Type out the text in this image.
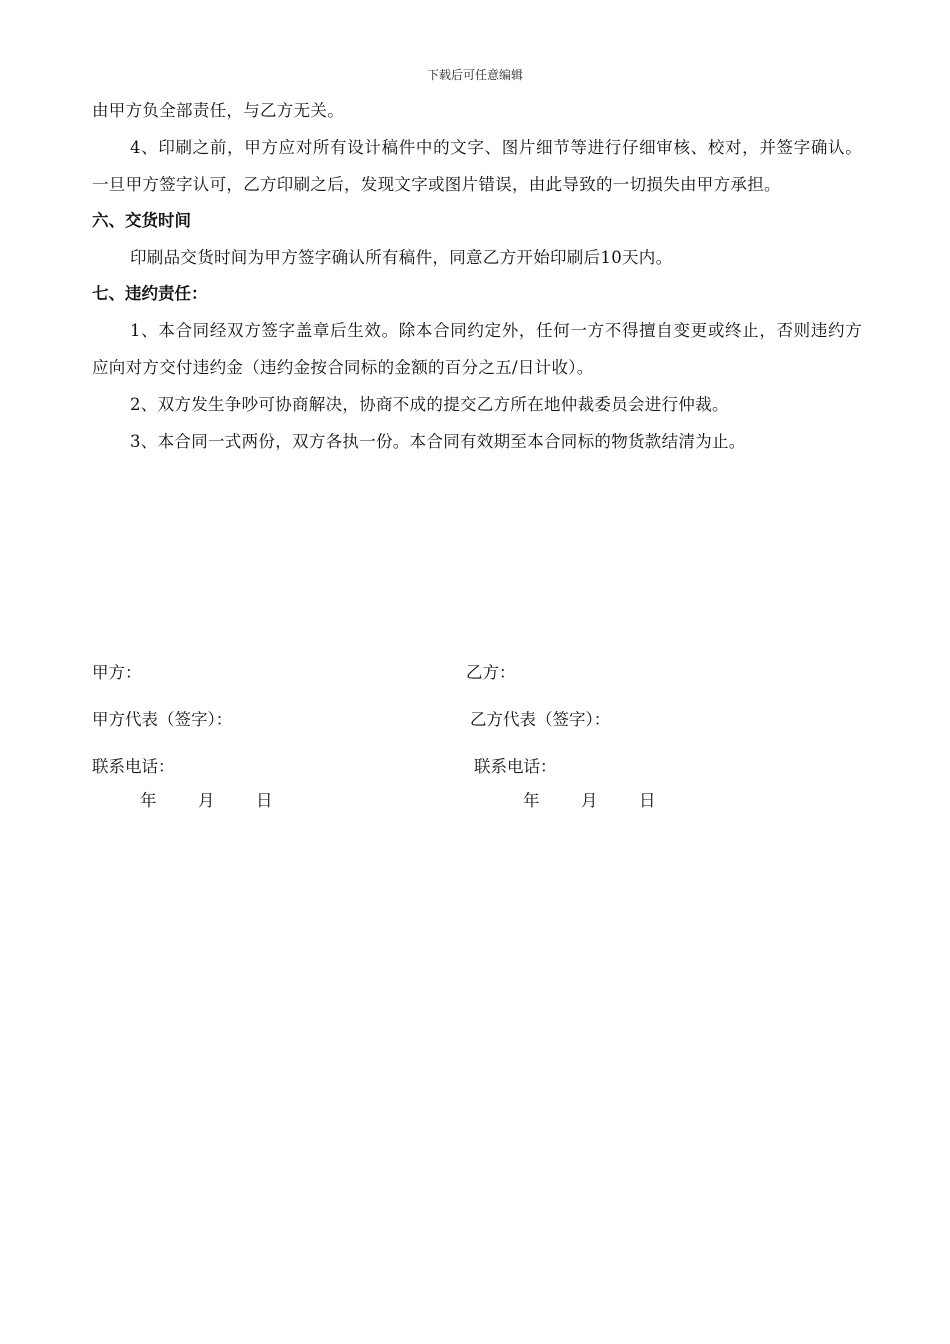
下载后可任意编辑

由甲方负全部责任，与乙方无关。

4、印刷之前，甲方应对所有设计稿件中的文字、图片细节等进行仔细审核、校对，并签字确认。一旦甲方签字认可，乙方印刷之后，发现文字或图片错误，由此导致的一切损失由甲方承担。

六、交货时间

印刷品交货时间为甲方签字确认所有稿件，同意乙方开始印刷后10天内。

七、违约责任：

1、本合同经双方签字盖章后生效。除本合同约定外，任何一方不得擅自变更或终止，否则违约方应向对方交付违约金（违约金按合同标的金额的百分之五/日计收）。

2、双方发生争吵可协商解决，协商不成的提交乙方所在地仲裁委员会进行仲裁。

3、本合同一式两份，双方各执一份。本合同有效期至本合同标的物货款结清为止。

甲方：	乙方：
甲方代表（签字）：	乙方代表（签字）：
联系电话：	联系电话：
年	月	日	年	月	日
